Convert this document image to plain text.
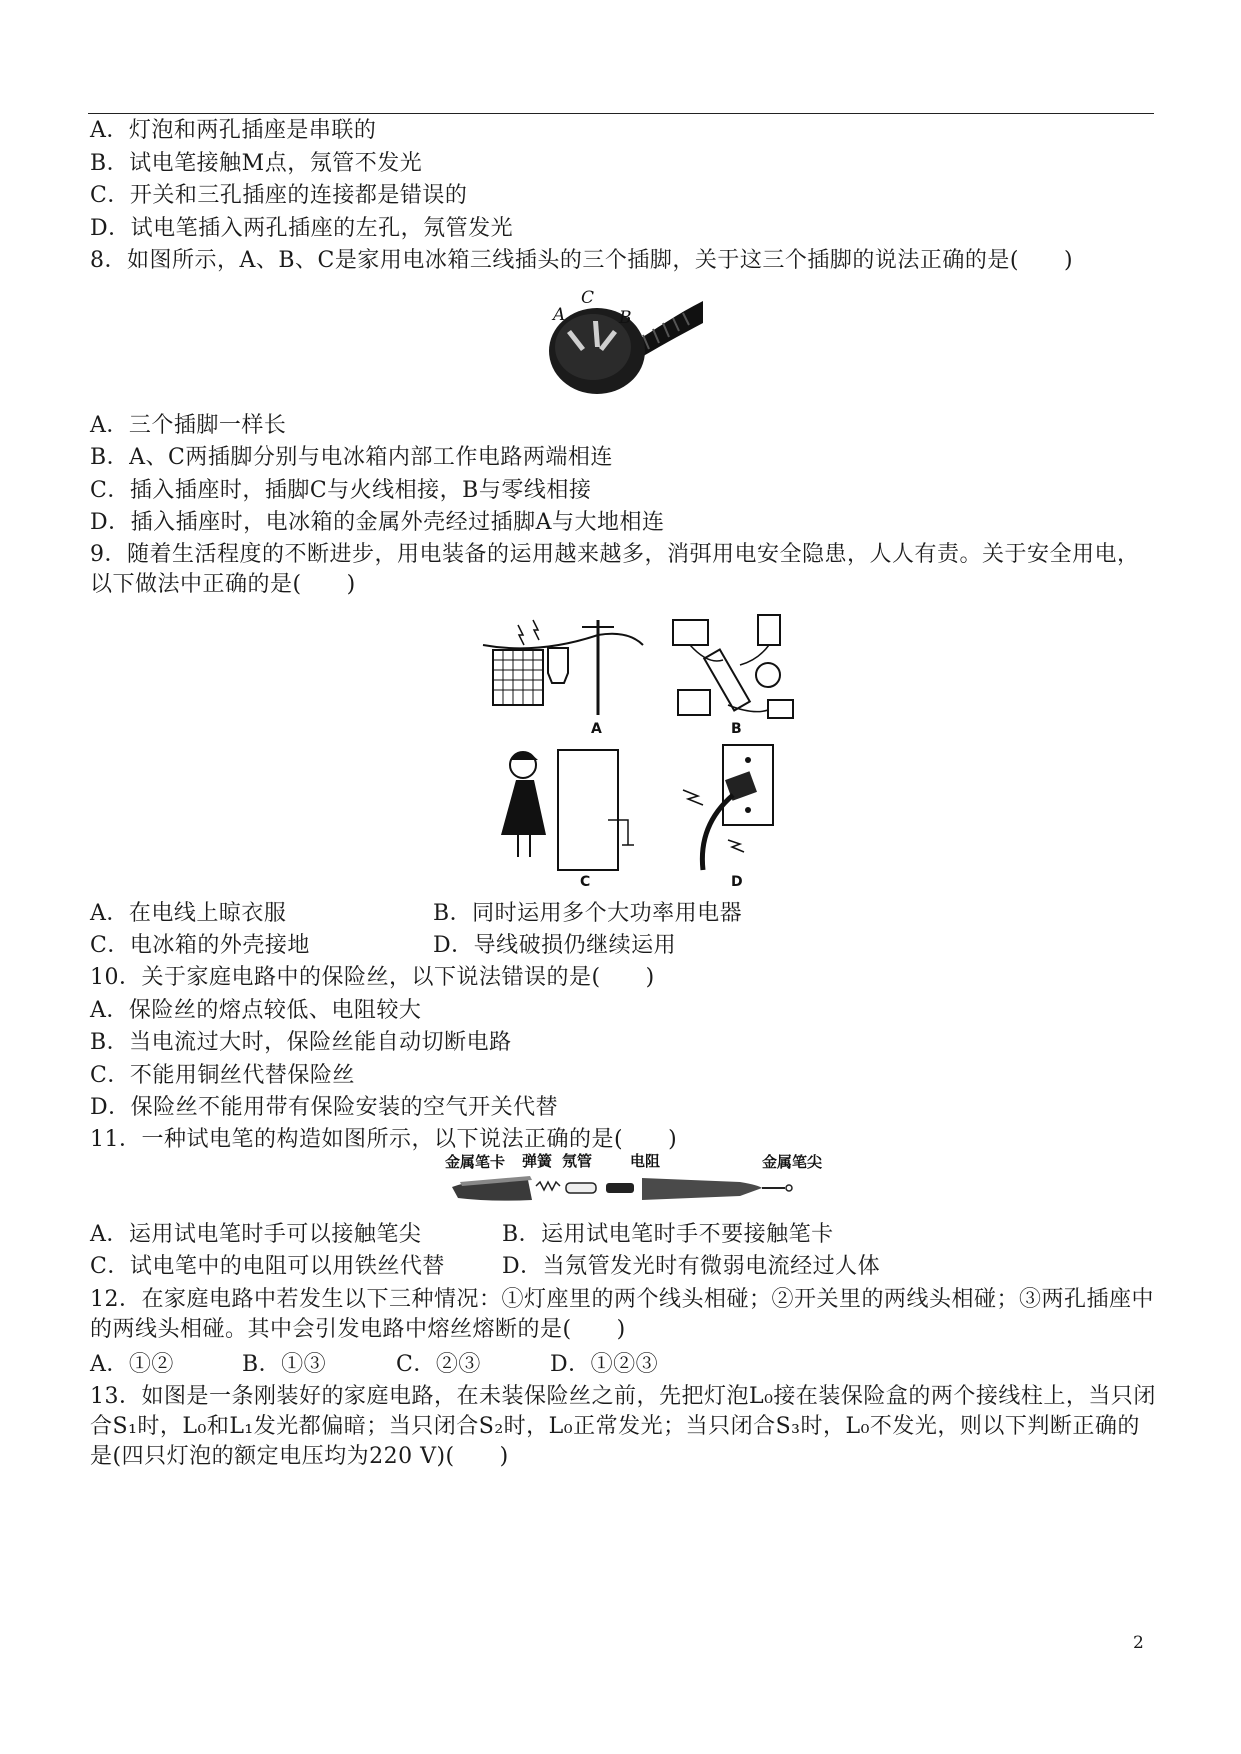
A．灯泡和两孔插座是串联的
B．试电笔接触M点，氖管不发光
C．开关和三孔插座的连接都是错误的
D．试电笔插入两孔插座的左孔，氖管发光
8．如图所示，A、B、C是家用电冰箱三线插头的三个插脚，关于这三个插脚的说法正确的是(　　)
A
C
B
A．三个插脚一样长
B．A、C两插脚分别与电冰箱内部工作电路两端相连
C．插入插座时，插脚C与火线相接，B与零线相接
D．插入插座时，电冰箱的金属外壳经过插脚A与大地相连
9．随着生活程度的不断进步，用电装备的运用越来越多，消弭用电安全隐患，人人有责。关于安全用电，以下做法中正确的是(　　)
A	B
C	D
A．在电线上晾衣服	B．同时运用多个大功率用电器
C．电冰箱的外壳接地	D．导线破损仍继续运用
10．关于家庭电路中的保险丝，以下说法错误的是(　　)
A．保险丝的熔点较低、电阻较大
B．当电流过大时，保险丝能自动切断电路
C．不能用铜丝代替保险丝
D．保险丝不能用带有保险安装的空气开关代替
11．一种试电笔的构造如图所示，以下说法正确的是(　　)
金属笔卡 弹簧 氖管	电阻	金属笔尖
A．运用试电笔时手可以接触笔尖	B．运用试电笔时手不要接触笔卡
C．试电笔中的电阻可以用铁丝代替	D．当氖管发光时有微弱电流经过人体
12．在家庭电路中若发生以下三种情况：①灯座里的两个线头相碰；②开关里的两线头相碰；③两孔插座中的两线头相碰。其中会引发电路中熔丝熔断的是(　　)
A．①②	B．①③	C．②③	D．①②③
13．如图是一条刚装好的家庭电路，在未装保险丝之前，先把灯泡L₀接在装保险盒的两个接线柱上，当只闭合S₁时，L₀和L₁发光都偏暗；当只闭合S₂时，L₀正常发光；当只闭合S₃时，L₀不发光，则以下判断正确的是(四只灯泡的额定电压均为220 V)(　　)
2
